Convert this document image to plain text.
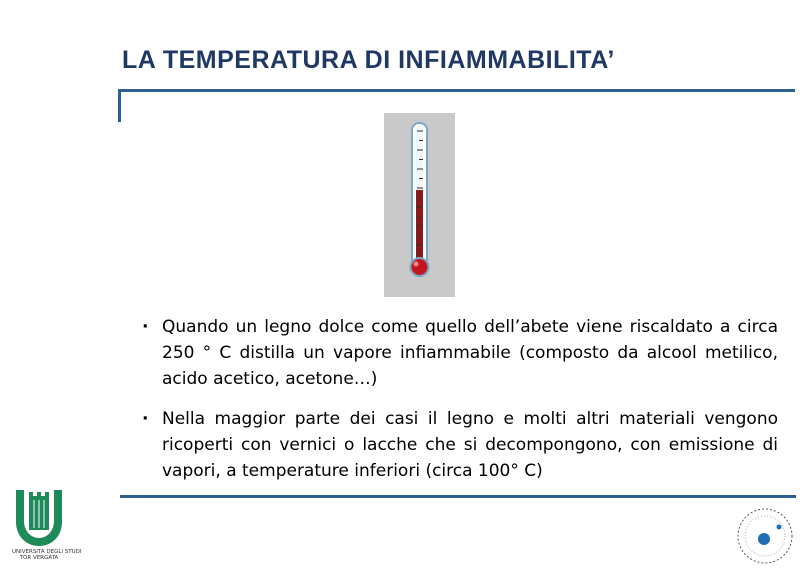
LA TEMPERATURA DI INFIAMMABILITA’
· Quando un legno dolce come quello dell’abete viene riscaldato a circa 250 ° C distilla un vapore infiammabile (composto da alcool metilico, acido acetico, acetone…)
· Nella maggior parte dei casi il legno e molti altri materiali vengono ricoperti con vernici o lacche che si decompongono, con emissione di vapori, a temperature inferiori (circa 100° C)
UNIVERSITA DEGLI STUDI
TOR VERGATA
